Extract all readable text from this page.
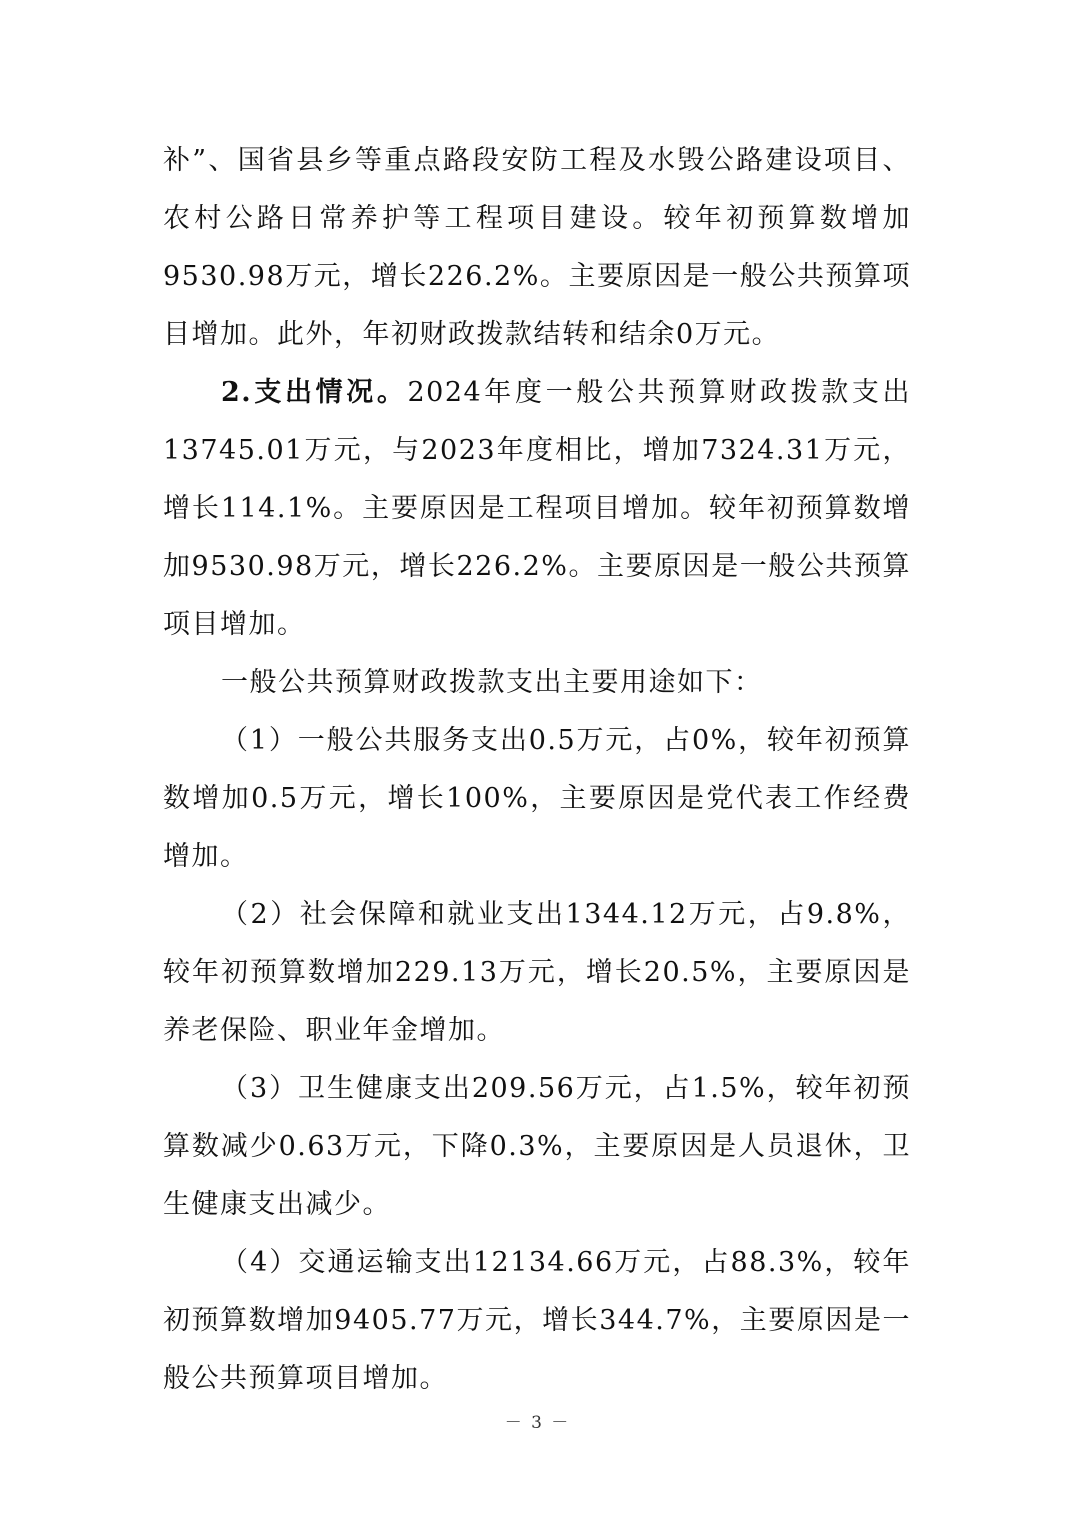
补”、国省县乡等重点路段安防工程及水毁公路建设项目、农村公路日常养护等工程项目建设。较年初预算数增加9530.98万元，增长226.2%。主要原因是一般公共预算项目增加。此外，年初财政拨款结转和结余0万元。

2.支出情况。2024年度一般公共预算财政拨款支出13745.01万元，与2023年度相比，增加7324.31万元，增长114.1%。主要原因是工程项目增加。较年初预算数增加9530.98万元，增长226.2%。主要原因是一般公共预算项目增加。

一般公共预算财政拨款支出主要用途如下：

（1）一般公共服务支出0.5万元，占0%，较年初预算数增加0.5万元，增长100%，主要原因是党代表工作经费增加。

（2）社会保障和就业支出1344.12万元，占9.8%，较年初预算数增加229.13万元，增长20.5%，主要原因是养老保险、职业年金增加。

（3）卫生健康支出209.56万元，占1.5%，较年初预算数减少0.63万元，下降0.3%，主要原因是人员退休，卫生健康支出减少。

（4）交通运输支出12134.66万元，占88.3%，较年初预算数增加9405.77万元，增长344.7%，主要原因是一般公共预算项目增加。

－ 3 －
